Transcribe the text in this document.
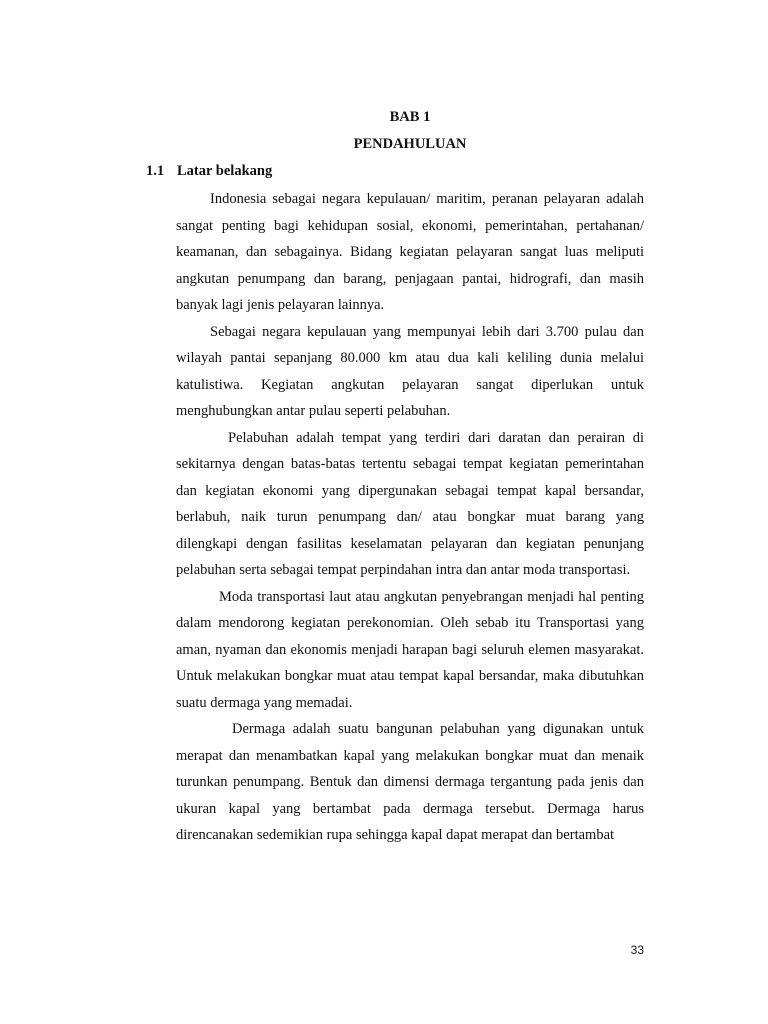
BAB 1
PENDAHULUAN
1.1 Latar belakang

Indonesia sebagai negara kepulauan/ maritim, peranan pelayaran adalah sangat penting bagi kehidupan sosial, ekonomi, pemerintahan, pertahanan/ keamanan, dan sebagainya. Bidang kegiatan pelayaran sangat luas meliputi angkutan penumpang dan barang, penjagaan pantai, hidrografi, dan masih banyak lagi jenis pelayaran lainnya.

Sebagai negara kepulauan yang mempunyai lebih dari 3.700 pulau dan wilayah pantai sepanjang 80.000 km atau dua kali keliling dunia melalui katulistiwa. Kegiatan angkutan pelayaran sangat diperlukan untuk menghubungkan antar pulau seperti pelabuhan.

Pelabuhan adalah tempat yang terdiri dari daratan dan perairan di sekitarnya dengan batas-batas tertentu sebagai tempat kegiatan pemerintahan dan kegiatan ekonomi yang dipergunakan sebagai tempat kapal bersandar, berlabuh, naik turun penumpang dan/ atau bongkar muat barang yang dilengkapi dengan fasilitas keselamatan pelayaran dan kegiatan penunjang pelabuhan serta sebagai tempat perpindahan intra dan antar moda transportasi.

Moda transportasi laut atau angkutan penyebrangan menjadi hal penting dalam mendorong kegiatan perekonomian. Oleh sebab itu Transportasi yang aman, nyaman dan ekonomis menjadi harapan bagi seluruh elemen masyarakat. Untuk melakukan bongkar muat atau tempat kapal bersandar, maka dibutuhkan suatu dermaga yang memadai.

Dermaga adalah suatu bangunan pelabuhan yang digunakan untuk merapat dan menambatkan kapal yang melakukan bongkar muat dan menaik turunkan penumpang. Bentuk dan dimensi dermaga tergantung pada jenis dan ukuran kapal yang bertambat pada dermaga tersebut. Dermaga harus direncanakan sedemikian rupa sehingga kapal dapat merapat dan bertambat

33
